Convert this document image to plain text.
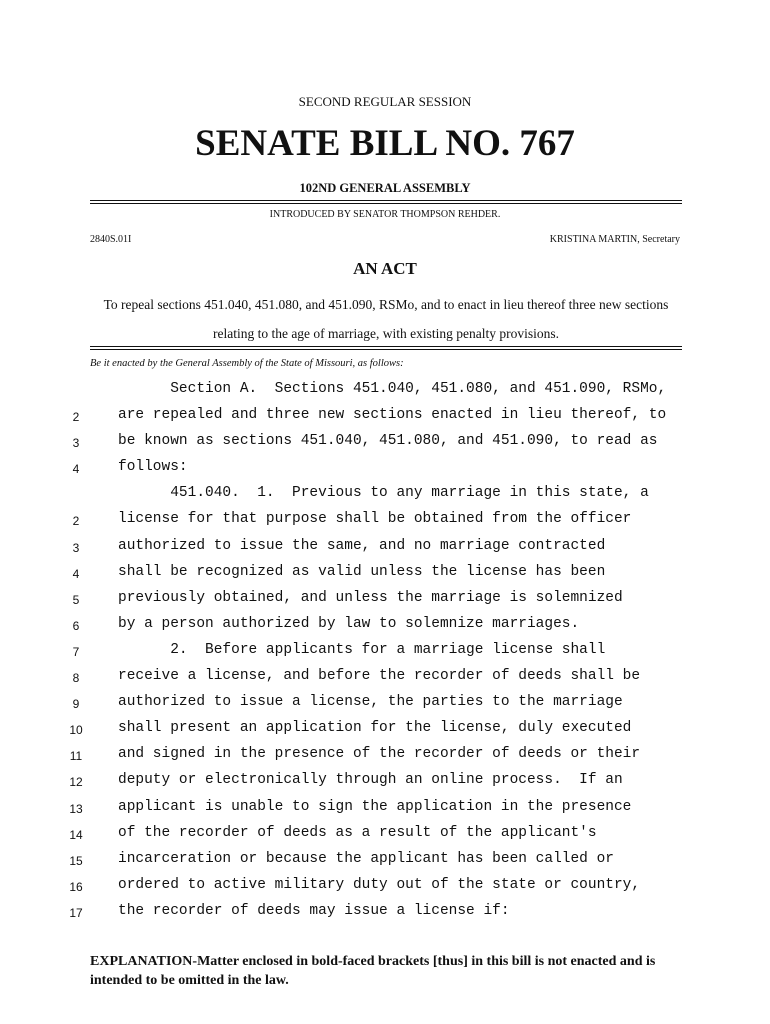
SECOND REGULAR SESSION
SENATE BILL NO. 767
102ND GENERAL ASSEMBLY
INTRODUCED BY SENATOR THOMPSON REHDER.
2840S.01I	KRISTINA MARTIN, Secretary
AN ACT
To repeal sections 451.040, 451.080, and 451.090, RSMo, and to enact in lieu thereof three new sections relating to the age of marriage, with existing penalty provisions.
Be it enacted by the General Assembly of the State of Missouri, as follows:
Section A.  Sections 451.040, 451.080, and 451.090, RSMo,
2	are repealed and three new sections enacted in lieu thereof, to
3	be known as sections 451.040, 451.080, and 451.090, to read as
4	follows:
451.040.  1.  Previous to any marriage in this state, a
2	license for that purpose shall be obtained from the officer
3	authorized to issue the same, and no marriage contracted
4	shall be recognized as valid unless the license has been
5	previously obtained, and unless the marriage is solemnized
6	by a person authorized by law to solemnize marriages.
7	2.  Before applicants for a marriage license shall
8	receive a license, and before the recorder of deeds shall be
9	authorized to issue a license, the parties to the marriage
10	shall present an application for the license, duly executed
11	and signed in the presence of the recorder of deeds or their
12	deputy or electronically through an online process.  If an
13	applicant is unable to sign the application in the presence
14	of the recorder of deeds as a result of the applicant's
15	incarceration or because the applicant has been called or
16	ordered to active military duty out of the state or country,
17	the recorder of deeds may issue a license if:
EXPLANATION-Matter enclosed in bold-faced brackets [thus] in this bill is not enacted and is intended to be omitted in the law.
